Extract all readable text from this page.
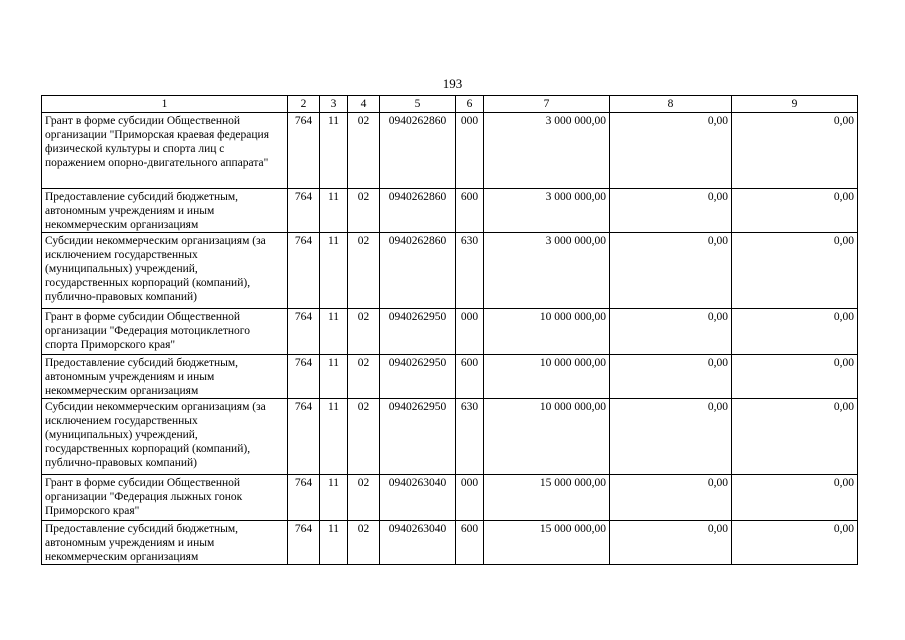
193
1	2	3	4	5	6	7	8	9
Грант в форме субсидии Общественной организации "Приморская краевая федерация физической культуры и спорта лиц с поражением опорно-двигательного аппарата"	764	11	02	0940262860	000	3 000 000,00	0,00	0,00
Предоставление субсидий бюджетным, автономным учреждениям и иным некоммерческим организациям	764	11	02	0940262860	600	3 000 000,00	0,00	0,00
Субсидии некоммерческим организациям (за исключением государственных (муниципальных) учреждений, государственных корпораций (компаний), публично-правовых компаний)	764	11	02	0940262860	630	3 000 000,00	0,00	0,00
Грант в форме субсидии Общественной организации "Федерация мотоциклетного спорта Приморского края"	764	11	02	0940262950	000	10 000 000,00	0,00	0,00
Предоставление субсидий бюджетным, автономным учреждениям и иным некоммерческим организациям	764	11	02	0940262950	600	10 000 000,00	0,00	0,00
Субсидии некоммерческим организациям (за исключением государственных (муниципальных) учреждений, государственных корпораций (компаний), публично-правовых компаний)	764	11	02	0940262950	630	10 000 000,00	0,00	0,00
Грант в форме субсидии Общественной организации "Федерация лыжных гонок Приморского края"	764	11	02	0940263040	000	15 000 000,00	0,00	0,00
Предоставление субсидий бюджетным, автономным учреждениям и иным некоммерческим организациям	764	11	02	0940263040	600	15 000 000,00	0,00	0,00
